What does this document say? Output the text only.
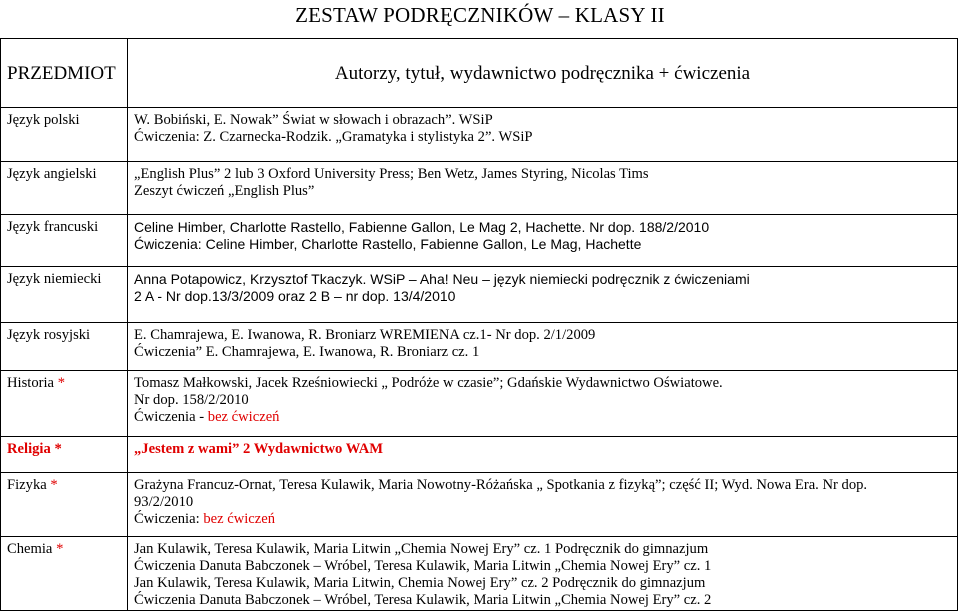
ZESTAW PODRĘCZNIKÓW – KLASY II
PRZEDMIOT	Autorzy, tytuł, wydawnictwo podręcznika + ćwiczenia
Język polski	W. Bobiński, E. Nowak” Świat w słowach i obrazach”. WSiP
Ćwiczenia: Z. Czarnecka-Rodzik. „Gramatyka i stylistyka 2”. WSiP

Język angielski	„English Plus” 2 lub 3 Oxford University Press; Ben Wetz, James Styring, Nicolas Tims
Zeszyt ćwiczeń „English Plus”

Język francuski	Celine Himber, Charlotte Rastello, Fabienne Gallon, Le Mag 2, Hachette. Nr dop. 188/2/2010
Ćwiczenia: Celine Himber, Charlotte Rastello, Fabienne Gallon, Le Mag, Hachette

Język niemiecki	Anna Potapowicz, Krzysztof Tkaczyk. WSiP – Aha! Neu – język niemiecki podręcznik z ćwiczeniami
2 A - Nr dop.13/3/2009 oraz 2 B – nr dop. 13/4/2010

Język rosyjski	E. Chamrajewa, E. Iwanowa, R. Broniarz WREMIENA cz.1- Nr dop. 2/1/2009
Ćwiczenia” E. Chamrajewa, E. Iwanowa, R. Broniarz cz. 1

Historia *	Tomasz Małkowski, Jacek Rześniowiecki „ Podróże w czasie”; Gdańskie Wydawnictwo Oświatowe.
Nr dop. 158/2/2010
Ćwiczenia - bez ćwiczeń

Religia *	„Jestem z wami” 2 Wydawnictwo WAM

Fizyka *	Grażyna Francuz-Ornat, Teresa Kulawik, Maria Nowotny-Różańska „ Spotkania z fizyką”; część II; Wyd. Nowa Era. Nr dop.
93/2/2010
Ćwiczenia: bez ćwiczeń

Chemia *	Jan Kulawik, Teresa Kulawik, Maria Litwin „Chemia Nowej Ery” cz. 1 Podręcznik do gimnazjum
Ćwiczenia Danuta Babczonek – Wróbel, Teresa Kulawik, Maria Litwin „Chemia Nowej Ery” cz. 1
Jan Kulawik, Teresa Kulawik, Maria Litwin, Chemia Nowej Ery” cz. 2 Podręcznik do gimnazjum
Ćwiczenia Danuta Babczonek – Wróbel, Teresa Kulawik, Maria Litwin „Chemia Nowej Ery” cz. 2
